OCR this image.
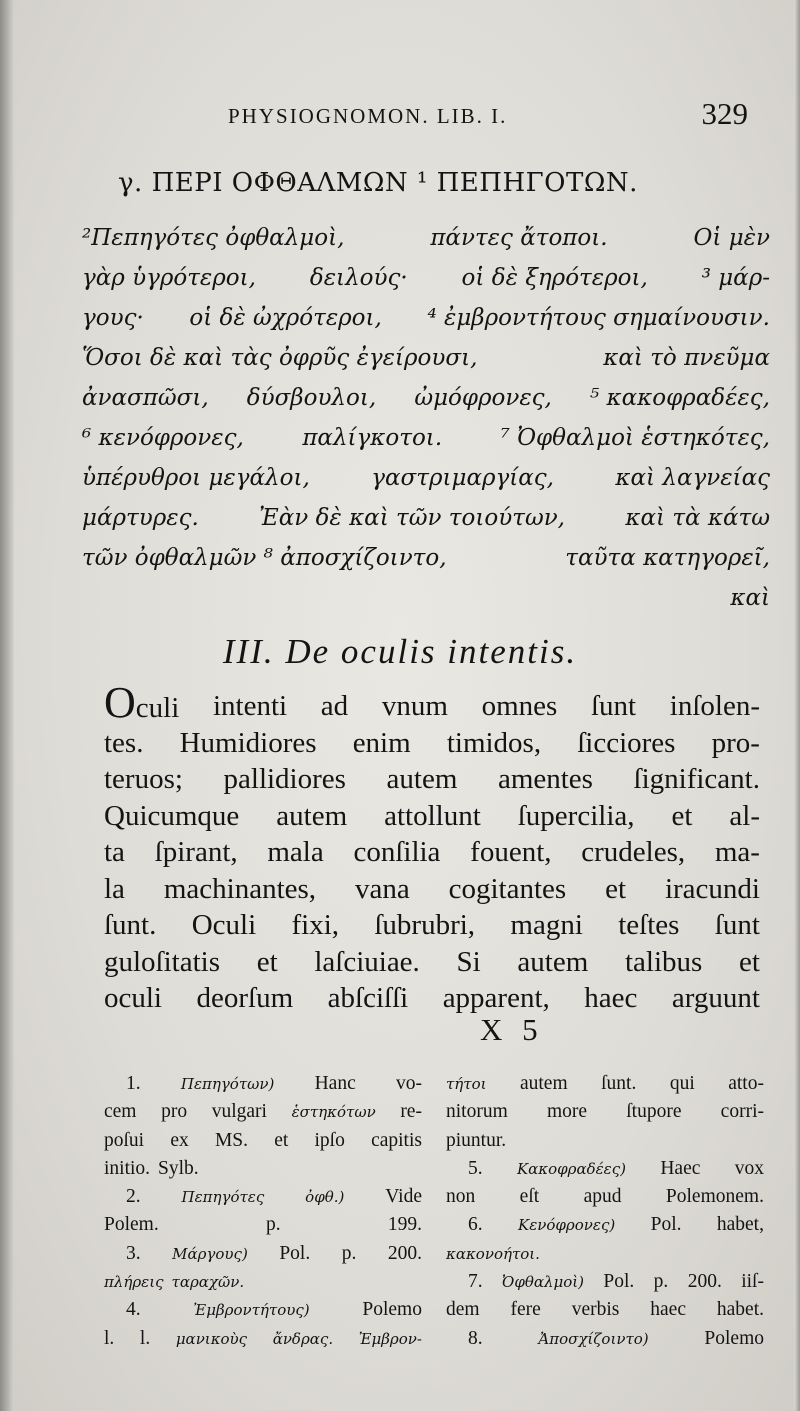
PHYSIOGNOMON. LIB. I.	329
γ. ΠΕΡΙ ΟΦΘΑΛΜΩΝ ¹ ΠΕΠΗΓΟΤΩΝ.
²Πεπηγότες ὀφθαλμοὶ,	πάντες ἄτοποι.	Οἱ μὲν
γὰρ ὑγρότεροι, δειλούς· οἱ δὲ ξηρότεροι, ³ μάρ-
γους· οἱ δὲ ὠχρότεροι, ⁴ ἐμβροντήτους σημαίνουσιν.
Ὅσοι δὲ καὶ τὰς ὀφρῦς ἐγείρουσι,	καὶ τὸ πνεῦμα
ἀνασπῶσι, δύσβουλοι, ὠμόφρονες, ⁵ κακοφραδέες,
⁶ κενόφρονες,	παλίγκοτοι.	⁷ Ὀφθαλμοὶ ἑστηκότες,
ὑπέρυθροι μεγάλοι,	γαστριμαργίας,	καὶ λαγνείας
μάρτυρες.	Ἐὰν δὲ καὶ τῶν τοιούτων,	καὶ τὰ κάτω
τῶν ὀφθαλμῶν ⁸ ἀποσχίζοιντο,	ταῦτα κατηγορεῖ,
καὶ
III. De oculis intentis.
Oculi intenti ad vnum omnes ſunt inſolen-
tes. Humidiores enim timidos, ſicciores pro-
teruos; pallidiores autem amentes ſignificant.
Quicumque autem attollunt ſupercilia, et al-
ta ſpirant, mala conſilia fouent, crudeles, ma-
la machinantes, vana cogitantes et iracundi
ſunt. Oculi fixi, ſubrubri, magni teſtes ſunt
guloſitatis et laſciuiae. Si autem talibus et
oculi deorſum abſciſſi apparent, haec arguunt
X 5
1.	Πεπηγότων) Hanc vo-
cem pro vulgari ἑστηκότων re-
poſui ex MS. et ipſo capitis
initio. Sylb.
2.	Πεπηγότες	ὀφθ.) Vide
Polem.	p.	199.
3. Μάργους) Pol. p. 200.
πλήρεις ταραχῶν.
4.	Ἐμβροντήτους)	Polemo
l. l. μανικοὺς ἄνδρας. Ἐμβρον-
τήτοι autem ſunt. qui atto-
nitorum more ſtupore corri-
piuntur.
5. Κακοφραδέες) Haec vox
non eſt apud Polemonem.
6. Κενόφρονες) Pol. habet,
κακονοήτοι.
7. Ὀφθαλμοὶ) Pol. p. 200. iiſ-
dem fere verbis haec habet.
8.	Ἀποσχίζοιντο)	Polemo
